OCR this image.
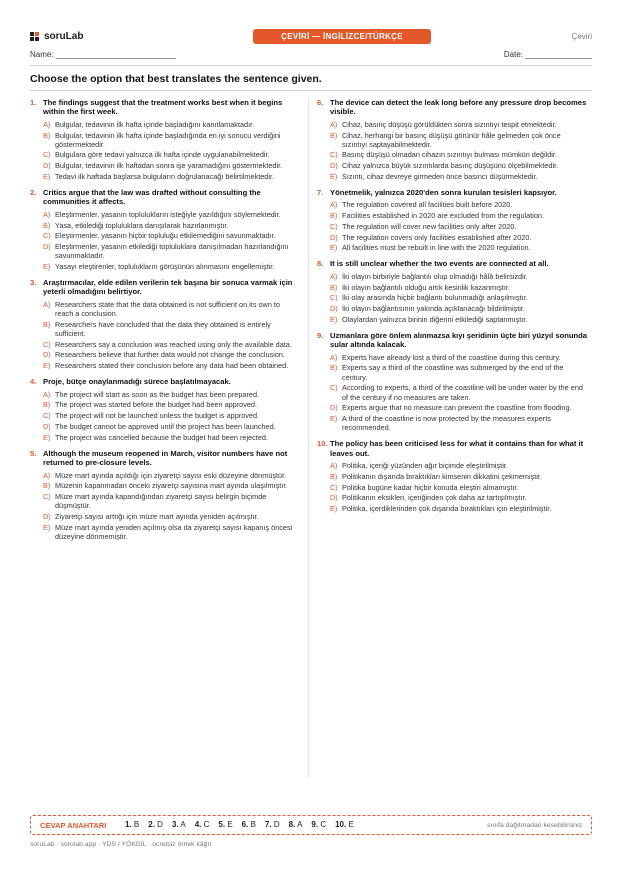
soruLab	ÇEVİRİ — İNGİLİZCE/TÜRKÇE	Çeviri
Name: ___________________________	Date: _______________
Choose the option that best translates the sentence given.
1. The findings suggest that the treatment works best when it begins within the first week.
A) Bulgular, tedavinin ilk hafta içinde başladığını kanıtlamaktadır.
B) Bulgular, tedavinin ilk hafta içinde başladığında en iyi sonucu verdiğini göstermektedir.
C) Bulgulara göre tedavi yalnızca ilk hafta içinde uygulanabilmektedir.
D) Bulgular, tedavinin ilk haftadan sonra işe yaramadığını göstermektedir.
E) Tedavi ilk haftada başlarsa bulguların doğrulanacağı belirtilmektedir.
2. Critics argue that the law was drafted without consulting the communities it affects.
A) Eleştirmenler, yasanın toplulukların isteğiyle yazıldığını söylemektedir.
B) Yasa, etkilediği topluluklara danışılarak hazırlanmıştır.
C) Eleştirmenler, yasanın hiçbir topluluğu etkilemediğini savunmaktadır.
D) Eleştirmenler, yasanın etkilediği topluluklara danışılmadan hazırlandığını savunmaktadır.
E) Yasayı eleştirenler, toplulukların görüşünün alınmasını engellemiştir.
3. Araştırmacılar, elde edilen verilerin tek başına bir sonuca varmak için yeterli olmadığını belirtiyor.
A) Researchers state that the data obtained is not sufficient on its own to reach a conclusion.
B) Researchers have concluded that the data they obtained is entirely sufficient.
C) Researchers say a conclusion was reached using only the available data.
D) Researchers believe that further data would not change the conclusion.
E) Researchers stated their conclusion before any data had been obtained.
4. Proje, bütçe onaylanmadığı sürece başlatılmayacak.
A) The project will start as soon as the budget has been prepared.
B) The project was started before the budget had been approved.
C) The project will not be launched unless the budget is approved.
D) The budget cannot be approved until the project has been launched.
E) The project was cancelled because the budget had been rejected.
5. Although the museum reopened in March, visitor numbers have not returned to pre-closure levels.
A) Müze mart ayında açıldığı için ziyaretçi sayısı eski düzeyine dönmüştür.
B) Müzenin kapanmadan önceki ziyaretçi sayısına mart ayında ulaşılmıştır.
C) Müze mart ayında kapandığından ziyaretçi sayısı belirgin biçimde düşmüştür.
D) Ziyaretçi sayısı arttığı için müze mart ayında yeniden açılmıştır.
E) Müze mart ayında yeniden açılmış olsa da ziyaretçi sayısı kapanış öncesi düzeyine dönmemiştir.
6. The device can detect the leak long before any pressure drop becomes visible.
A) Cihaz, basınç düşüşü görüldükten sonra sızıntıyı tespit etmektedir.
B) Cihaz, herhangi bir basınç düşüşü görünür hâle gelmeden çok önce sızıntıyı saptayabilmektedir.
C) Basınç düşüşü olmadan cihazın sızıntıyı bulması mümkün değildir.
D) Cihaz yalnızca büyük sızıntılarda basınç düşüşünü ölçebilmektedir.
E) Sızıntı, cihaz devreye girmeden önce basıncı düşürmektedir.
7. Yönetmelik, yalnızca 2020'den sonra kurulan tesisleri kapsıyor.
A) The regulation covered all facilities built before 2020.
B) Facilities established in 2020 are excluded from the regulation.
C) The regulation will cover new facilities only after 2020.
D) The regulation covers only facilities established after 2020.
E) All facilities must be rebuilt in line with the 2020 regulation.
8. It is still unclear whether the two events are connected at all.
A) İki olayın birbiriyle bağlantılı olup olmadığı hâlâ belirsizdir.
B) İki olayın bağlantılı olduğu artık kesinlik kazanmıştır.
C) İki olay arasında hiçbir bağlantı bulunmadığı anlaşılmıştır.
D) İki olayın bağlantısının yakında açıklanacağı bildirilmiştir.
E) Olaylardan yalnızca birinin diğerini etkilediği saptanmıştır.
9. Uzmanlara göre önlem alınmazsa kıyı şeridinin üçte biri yüzyıl sonunda sular altında kalacak.
A) Experts have already lost a third of the coastline during this century.
B) Experts say a third of the coastline was submerged by the end of the century.
C) According to experts, a third of the coastline will be under water by the end of the century if no measures are taken.
D) Experts argue that no measure can prevent the coastline from flooding.
E) A third of the coastline is now protected by the measures experts recommended.
10. The policy has been criticised less for what it contains than for what it leaves out.
A) Politika, içeriği yüzünden ağır biçimde eleştirilmiştir.
B) Politikanın dışarıda bıraktıkları kimsenin dikkatini çekmemiştir.
C) Politika bugüne kadar hiçbir konuda eleştiri almamıştır.
D) Politikanın eksikleri, içeriğinden çok daha az tartışılmıştır.
E) Politika, içerdiklerinden çok dışarıda bıraktıkları için eleştirilmiştir.
CEVAP ANAHTARI 1. B 2. D 3. A 4. C 5. E 6. B 7. D 8. A 9. C 10. E	sınıfa dağıtmadan kesebilirsiniz
soruLab · sorulab.app · YDS / YÖKDİL · ücretsiz örnek kâğıt
